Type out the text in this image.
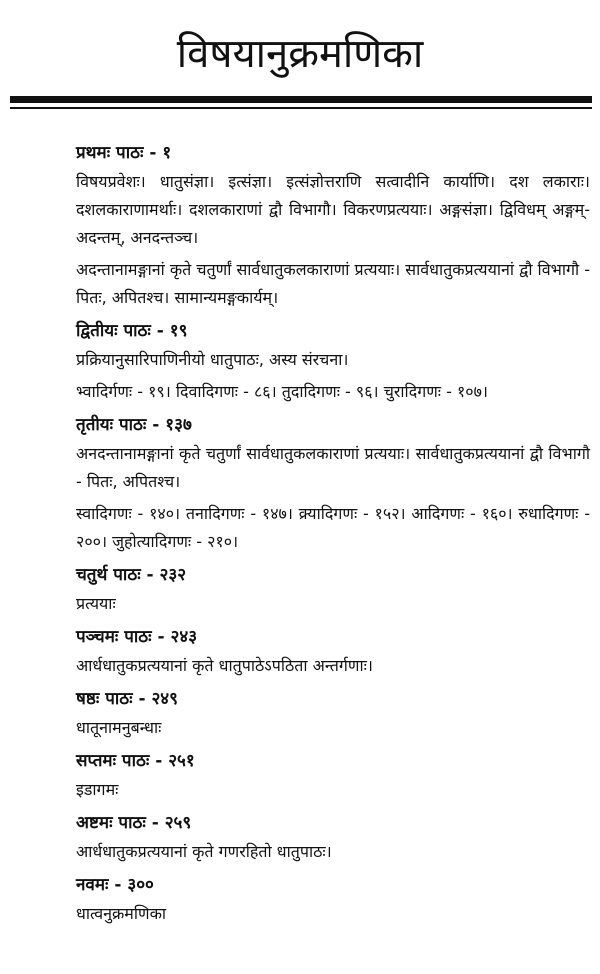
विषयानुक्रमणिका
प्रथमः पाठः - १

विषयप्रवेशः। धातुसंज्ञा। इत्संज्ञा। इत्संज्ञोत्तराणि सत्वादीनि कार्याणि। दश लकाराः। दशलकाराणामर्थाः। दशलकाराणां द्वौ विभागौ। विकरणप्रत्ययाः। अङ्गसंज्ञा। द्विविधम् अङ्गम्-अदन्तम्, अनदन्तञ्च।

अदन्तानामङ्गानां कृते चतुर्णां सार्वधातुकलकाराणां प्रत्ययाः। सार्वधातुकप्रत्ययानां द्वौ विभागौ - पितः, अपितश्च। सामान्यमङ्गकार्यम्।

द्वितीयः पाठः - १९

प्रक्रियानुसारिपाणिनीयो धातुपाठः, अस्य संरचना।

भ्वादिर्गणः - १९। दिवादिगणः - ८६। तुदादिगणः - ९६। चुरादिगणः - १०७।

तृतीयः पाठः - १३७

अनदन्तानामङ्गानां कृते चतुर्णां सार्वधातुकलकाराणां प्रत्ययाः। सार्वधातुकप्रत्ययानां द्वौ विभागौ - पितः, अपितश्च।

स्वादिगणः - १४०। तनादिगणः - १४७। क्र्यादिगणः - १५२। आदिगणः - १६०। रुधादिगणः - २००। जुहोत्यादिगणः - २१०।

चतुर्थ पाठः - २३२

प्रत्ययाः

पञ्चमः पाठः - २४३

आर्धधातुकप्रत्ययानां कृते धातुपाठेऽपठिता अन्तर्गणाः।

षष्ठः पाठः - २४९

धातूनामनुबन्धाः

सप्तमः पाठः - २५१

इडागमः

अष्टमः पाठः - २५९

आर्धधातुकप्रत्ययानां कृते गणरहितो धातुपाठः।

नवमः - ३००

धात्वनुक्रमणिका
